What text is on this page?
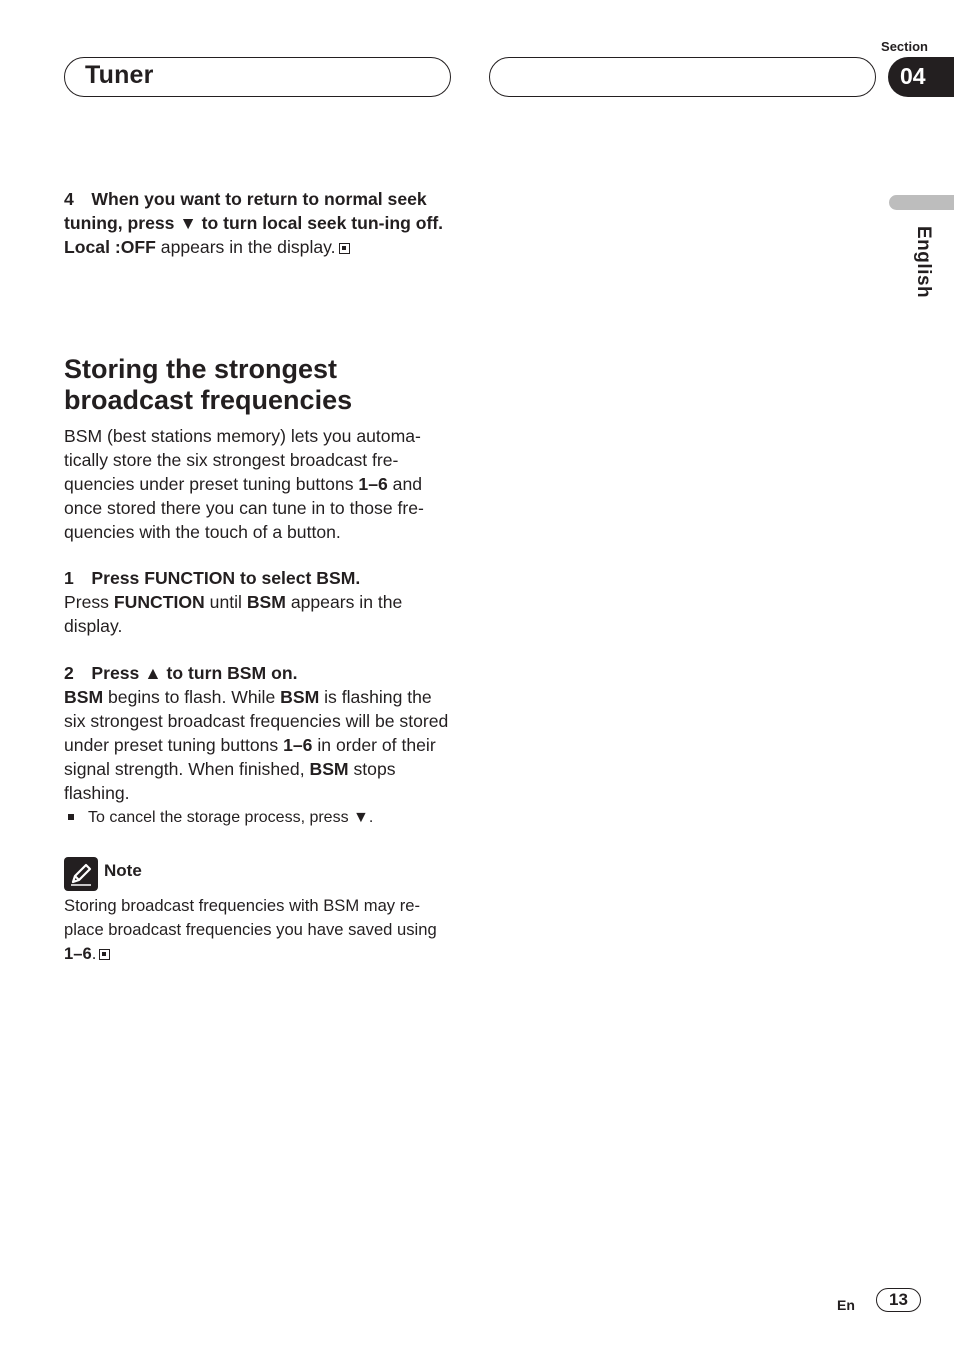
Tuner
Section
04
English

4 When you want to return to normal seek tuning, press ▼ to turn local seek tun-ing off.

Local :OFF appears in the display.

Storing the strongest
broadcast frequencies

BSM (best stations memory) lets you automa-tically store the six strongest broadcast fre-quencies under preset tuning buttons 1–6 and once stored there you can tune in to those fre-quencies with the touch of a button.

1 Press FUNCTION to select BSM.

Press FUNCTION until BSM appears in the display.

2 Press ▲ to turn BSM on.

BSM begins to flash. While BSM is flashing the six strongest broadcast frequencies will be stored under preset tuning buttons 1–6 in order of their signal strength. When finished, BSM stops flashing.

To cancel the storage process, press ▼.
Note

Storing broadcast frequencies with BSM may re-place broadcast frequencies you have saved using 1–6.

En	13
